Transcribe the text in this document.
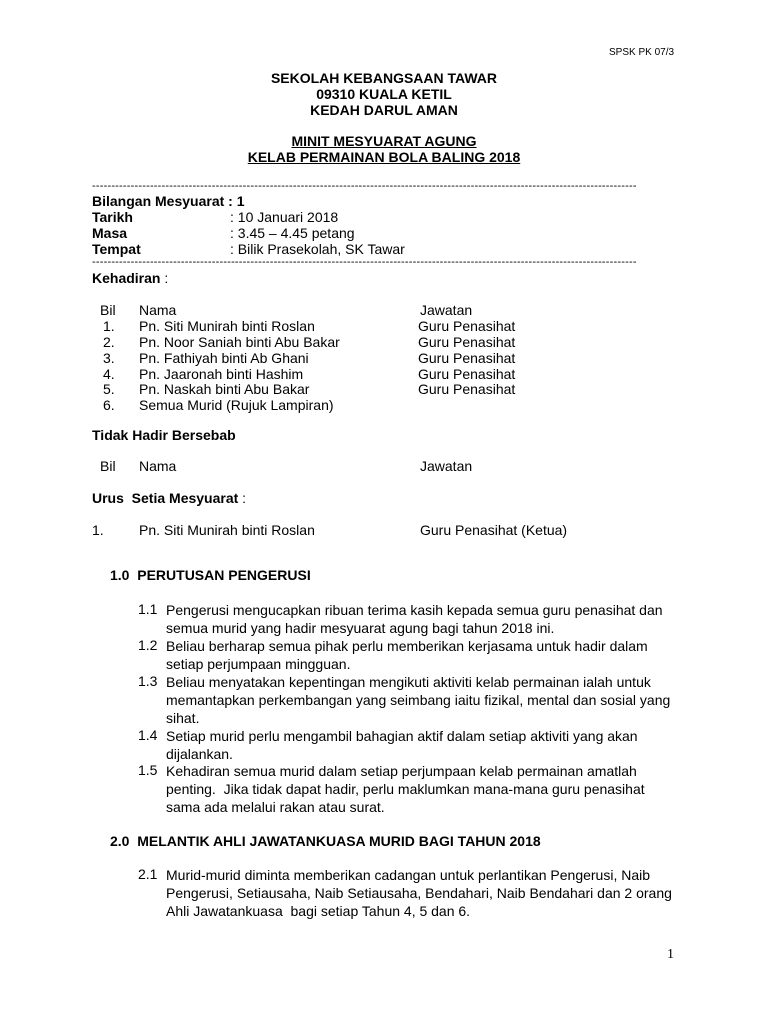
SPSK PK 07/3
SEKOLAH KEBANGSAAN TAWAR
09310 KUALA KETIL
KEDAH DARUL AMAN
MINIT MESYUARAT AGUNG
KELAB PERMAINAN BOLA BALING 2018
---------------------------------------------------------------------------------------------------------------------------------------------
Bilangan Mesyuarat : 1
Tarikh	: 10 Januari 2018
Masa	: 3.45 – 4.45 petang
Tempat	: Bilik Prasekolah, SK Tawar
---------------------------------------------------------------------------------------------------------------------------------------------
Kehadiran :
Bil Nama	Jawatan
1. Pn. Siti Munirah binti Roslan	Guru Penasihat
2. Pn. Noor Saniah binti Abu Bakar	Guru Penasihat
3. Pn. Fathiyah binti Ab Ghani	Guru Penasihat
4. Pn. Jaaronah binti Hashim	Guru Penasihat
5. Pn. Naskah binti Abu Bakar	Guru Penasihat
6. Semua Murid (Rujuk Lampiran)
Tidak Hadir Bersebab
Bil Nama	Jawatan
Urus  Setia Mesyuarat :
1.	Pn. Siti Munirah binti Roslan	Guru Penasihat (Ketua)
1.0 PERUTUSAN PENGERUSI
1.1 Pengerusi mengucapkan ribuan terima kasih kepada semua guru penasihat dan semua murid yang hadir mesyuarat agung bagi tahun 2018 ini.
1.2 Beliau berharap semua pihak perlu memberikan kerjasama untuk hadir dalam setiap perjumpaan mingguan.
1.3 Beliau menyatakan kepentingan mengikuti aktiviti kelab permainan ialah untuk memantapkan perkembangan yang seimbang iaitu fizikal, mental dan sosial yang sihat.
1.4 Setiap murid perlu mengambil bahagian aktif dalam setiap aktiviti yang akan dijalankan.
1.5 Kehadiran semua murid dalam setiap perjumpaan kelab permainan amatlah penting.  Jika tidak dapat hadir, perlu maklumkan mana-mana guru penasihat sama ada melalui rakan atau surat.
2.0 MELANTIK AHLI JAWATANKUASA MURID BAGI TAHUN 2018
2.1 Murid-murid diminta memberikan cadangan untuk perlantikan Pengerusi, Naib Pengerusi, Setiausaha, Naib Setiausaha, Bendahari, Naib Bendahari dan 2 orang Ahli Jawatankuasa  bagi setiap Tahun 4, 5 dan 6.
1
